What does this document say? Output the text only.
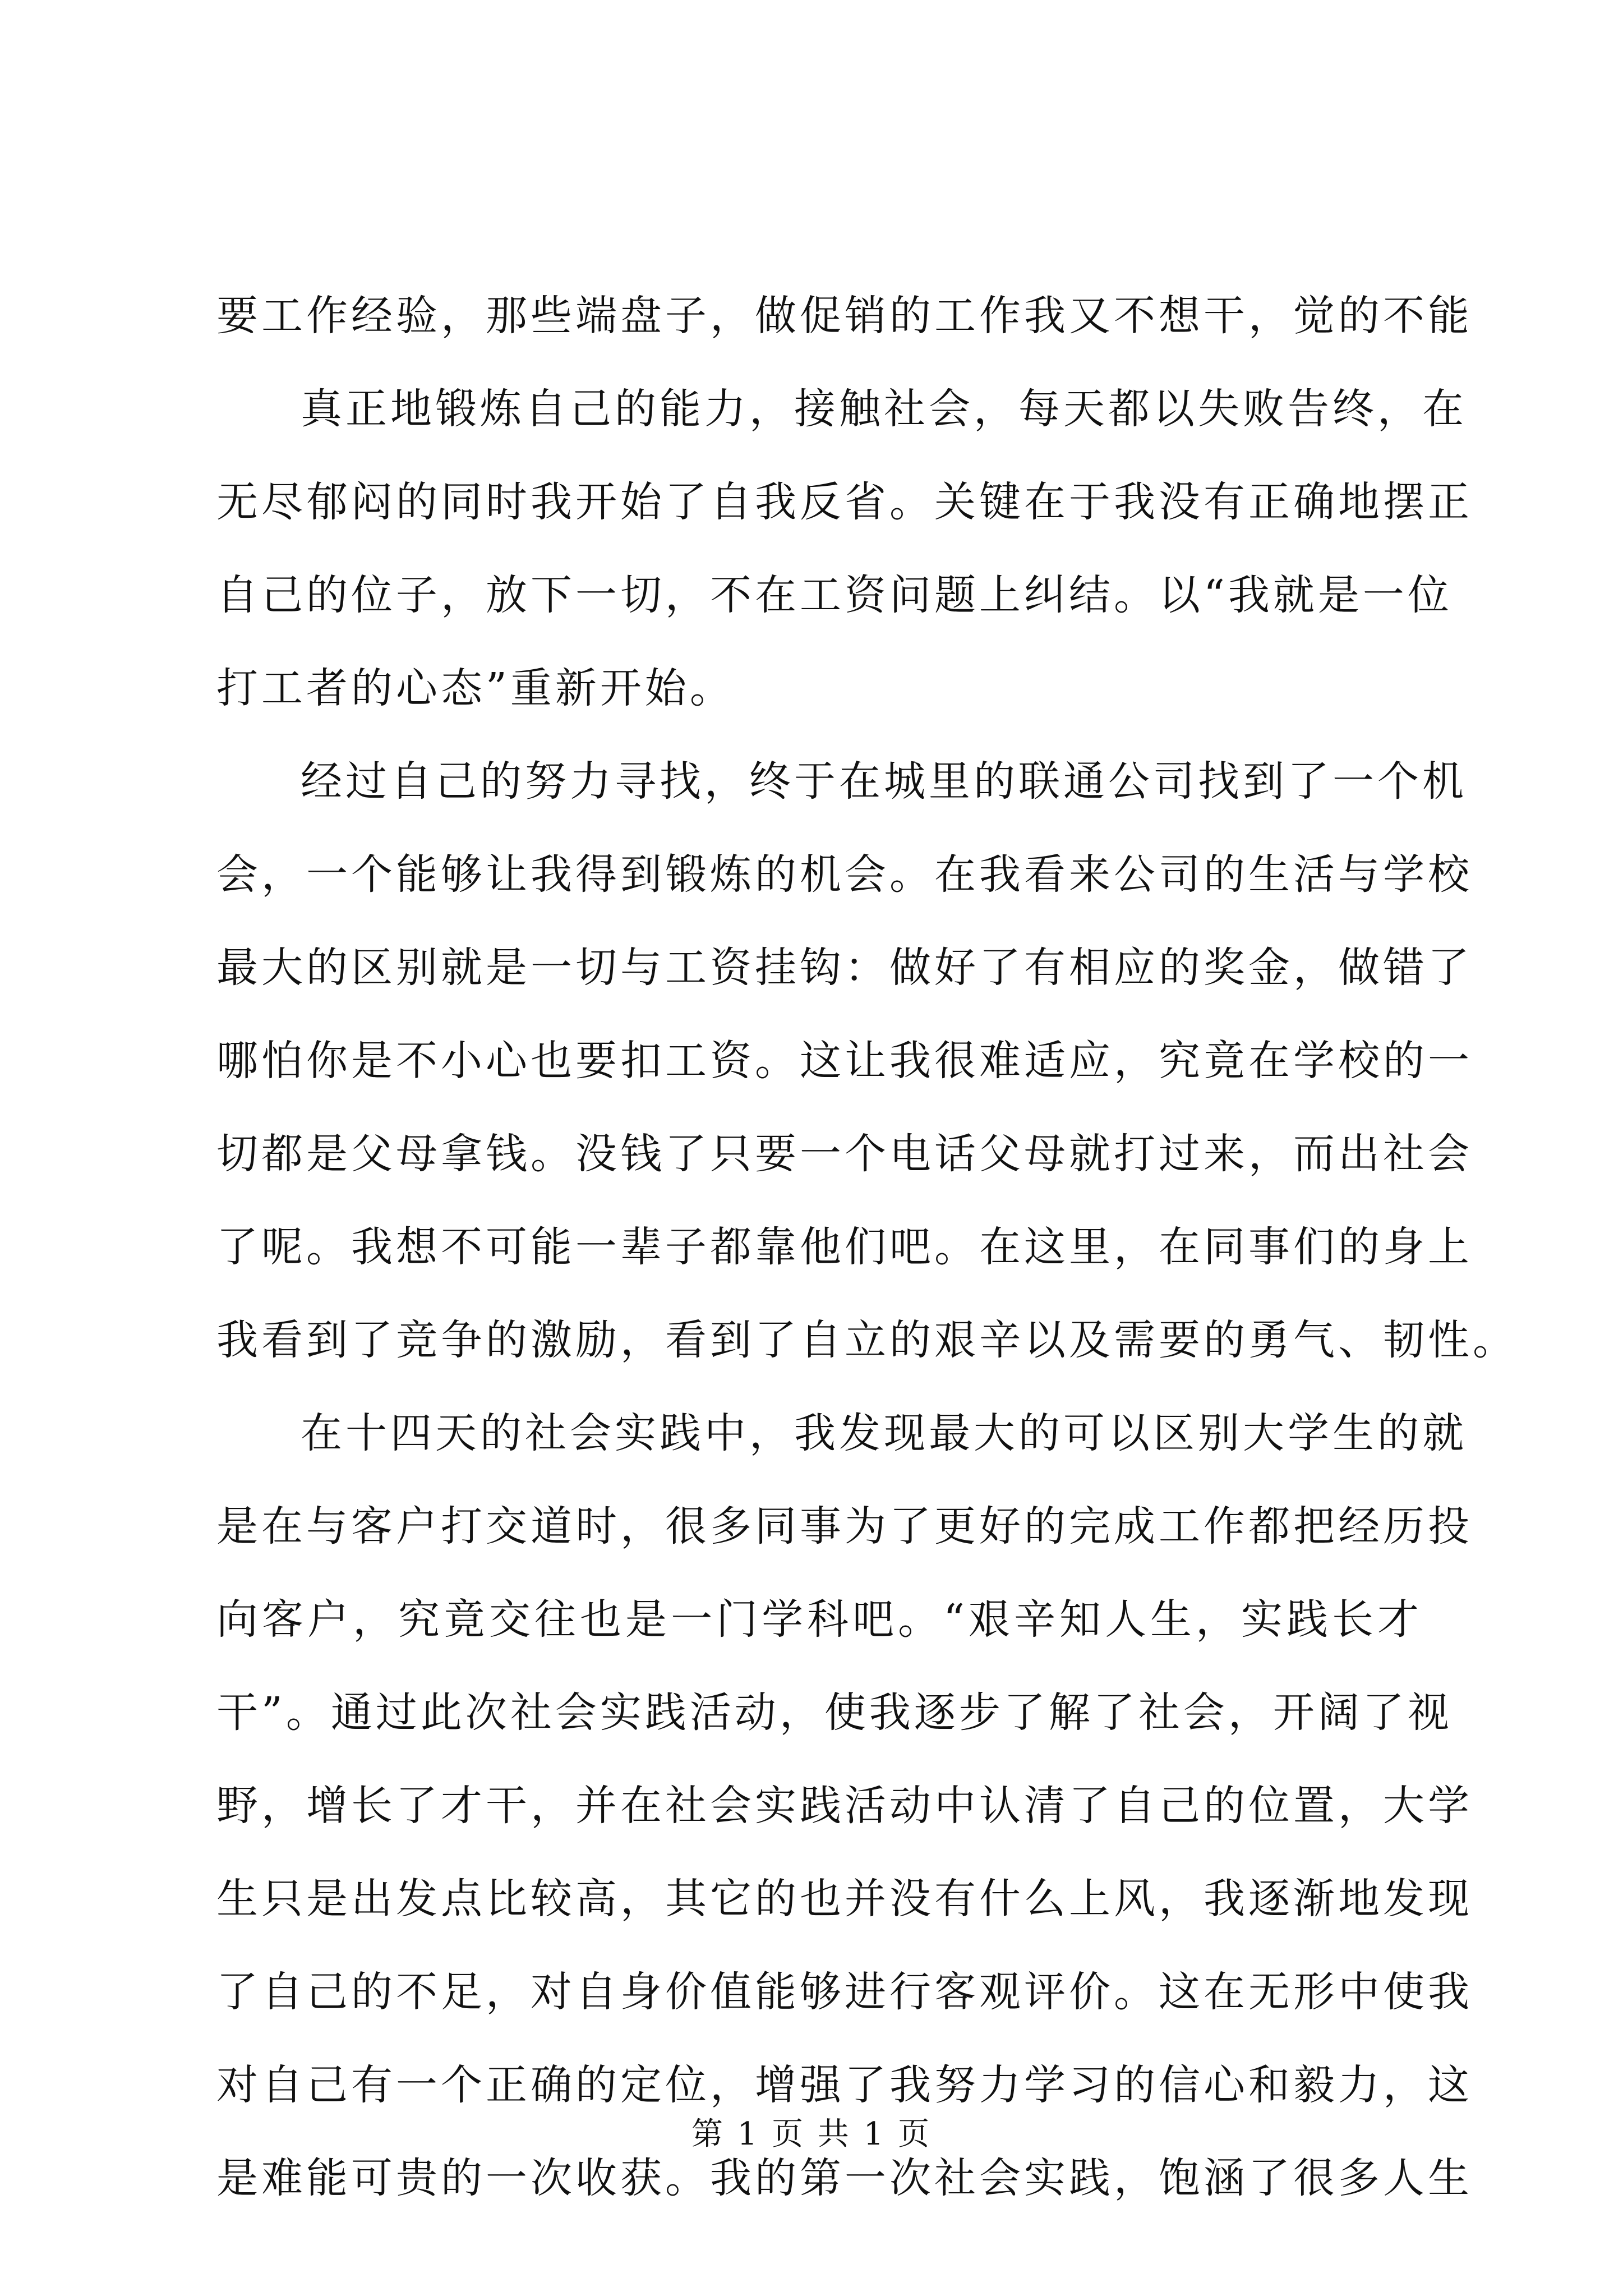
要工作经验，那些端盘子，做促销的工作我又不想干，觉的不能
真正地锻炼自己的能力，接触社会，每天都以失败告终，在
无尽郁闷的同时我开始了自我反省。关键在于我没有正确地摆正
自己的位子，放下一切，不在工资问题上纠结。以“我就是一位
打工者的心态”重新开始。
经过自己的努力寻找，终于在城里的联通公司找到了一个机
会，一个能够让我得到锻炼的机会。在我看来公司的生活与学校
最大的区别就是一切与工资挂钩：做好了有相应的奖金，做错了
哪怕你是不小心也要扣工资。这让我很难适应，究竟在学校的一
切都是父母拿钱。没钱了只要一个电话父母就打过来，而出社会
了呢。我想不可能一辈子都靠他们吧。在这里，在同事们的身上
我看到了竞争的激励，看到了自立的艰辛以及需要的勇气、韧性。
在十四天的社会实践中，我发现最大的可以区别大学生的就
是在与客户打交道时，很多同事为了更好的完成工作都把经历投
向客户，究竟交往也是一门学科吧。“艰辛知人生，实践长才
干”。通过此次社会实践活动，使我逐步了解了社会，开阔了视
野，增长了才干，并在社会实践活动中认清了自己的位置，大学
生只是出发点比较高，其它的也并没有什么上风，我逐渐地发现
了自己的不足，对自身价值能够进行客观评价。这在无形中使我
对自己有一个正确的定位，增强了我努力学习的信心和毅力，这
是难能可贵的一次收获。我的第一次社会实践，饱涵了很多人生
第 1 页 共 1 页
